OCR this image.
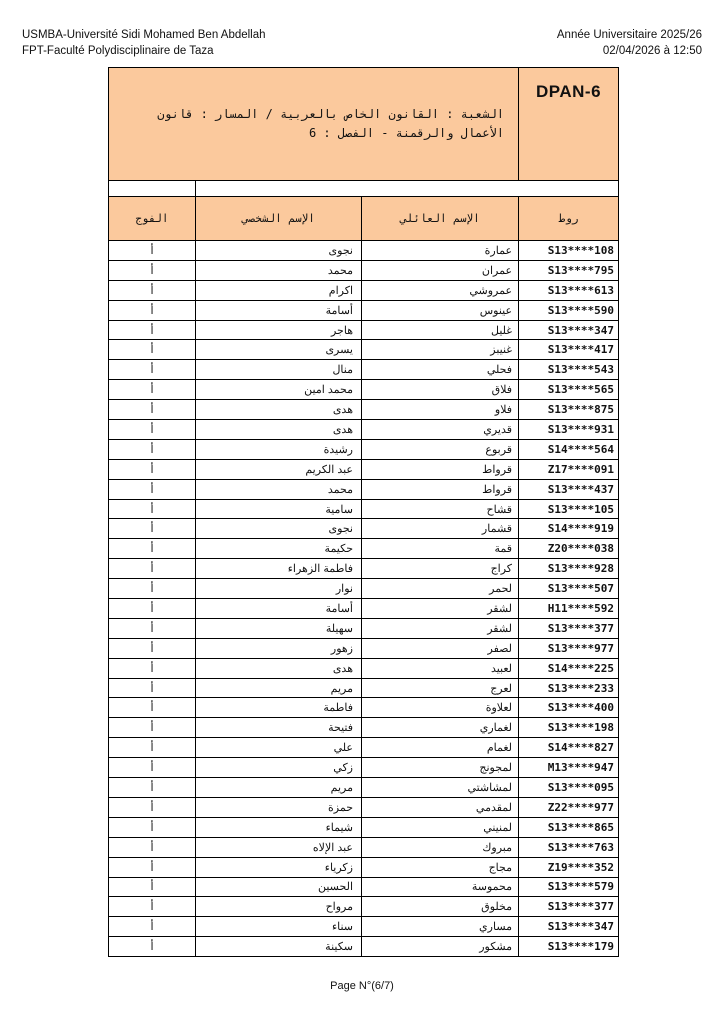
USMBA-Université Sidi Mohamed Ben Abdellah
FPT-Faculté Polydisciplinaire de Taza
Année Universitaire 2025/26
02/04/2026 à 12:50
الشعبة : القانون الخاص بالعربية / المسار : قانون
الأعمال والرقمنة - الفصل : 6			DPAN-6

الفوج	الإسم الشخصي	الإسم العائلي	روط
أ	نجوى	عمارة	S13****108
أ	محمد	عمران	S13****795
أ	اكرام	عمروشي	S13****613
أ	أسامة	عينوس	S13****590
أ	هاجر	غليل	S13****347
أ	يسرى	غنيبز	S13****417
أ	منال	فحلي	S13****543
أ	محمد امين	فلاق	S13****565
أ	هدى	فلاو	S13****875
أ	هدى	قديري	S13****931
أ	رشيدة	قربوع	S14****564
أ	عبد الكريم	قرواط	Z17****091
أ	محمد	قرواط	S13****437
أ	سامية	قشاح	S13****105
أ	نجوى	قشمار	S14****919
أ	حكيمة	قمة	Z20****038
أ	فاطمة الزهراء	كراج	S13****928
أ	نوار	لحمر	S13****507
أ	أسامة	لشقر	H11****592
أ	سهيلة	لشقر	S13****377
أ	زهور	لصفر	S13****977
أ	هدى	لعبيد	S14****225
أ	مريم	لعرج	S13****233
أ	فاطمة	لعلاوة	S13****400
أ	فتيحة	لغماري	S13****198
أ	علي	لغمام	S14****827
أ	زكي	لمجونج	M13****947
أ	مريم	لمشاشتي	S13****095
أ	حمزة	لمقدمي	Z22****977
أ	شيماء	لمنيني	S13****865
أ	عبد الإلاه	مبروك	S13****763
أ	زكرياء	مجاج	Z19****352
أ	الحسين	محموسة	S13****579
أ	مرواح	مخلوق	S13****377
أ	سناء	مساري	S13****347
أ	سكينة	مشكور	S13****179
Page N°(6/7)
